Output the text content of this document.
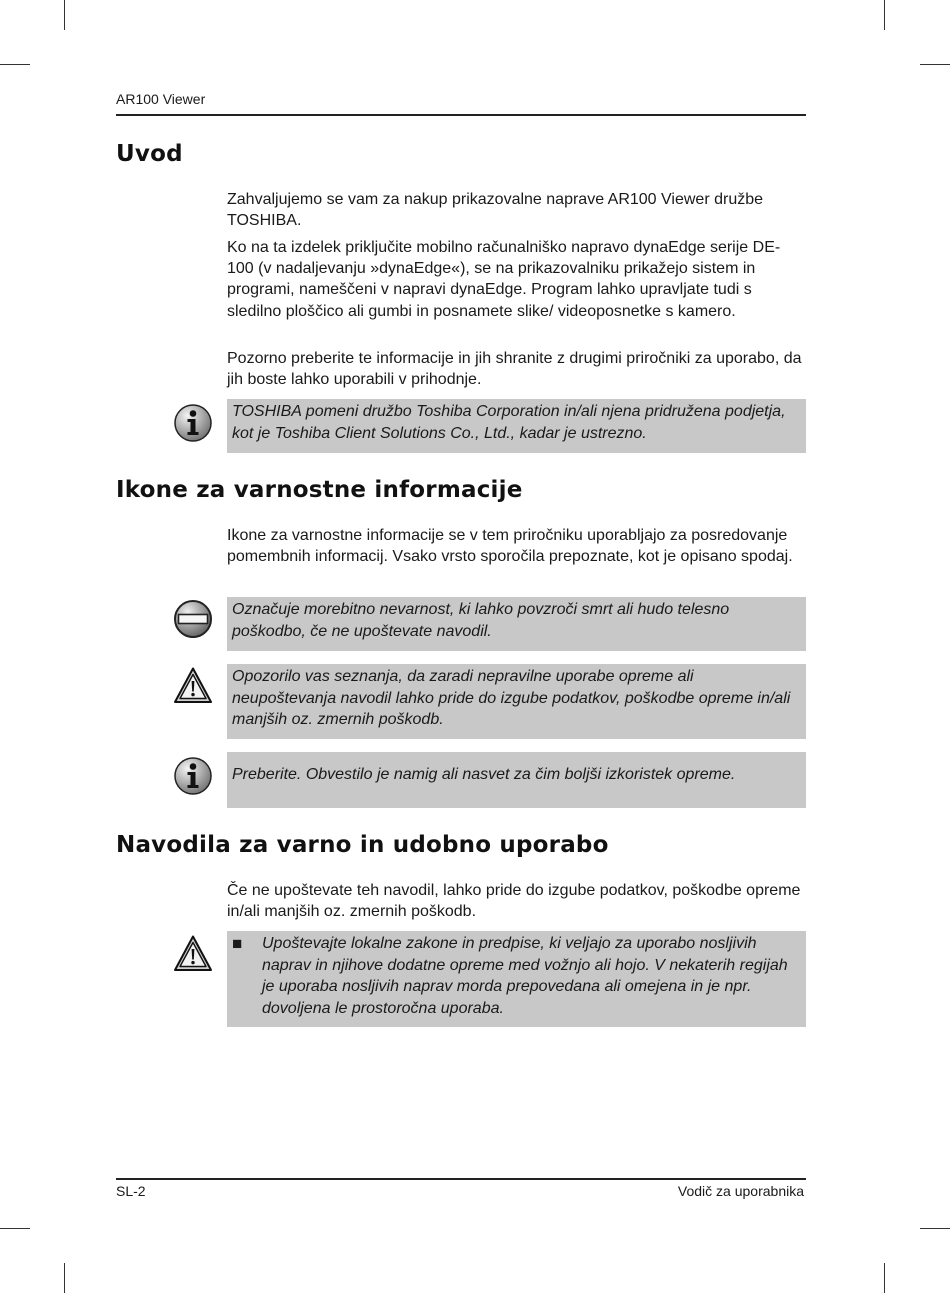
AR100 Viewer
Uvod

Zahvaljujemo se vam za nakup prikazovalne naprave AR100 Viewer družbe TOSHIBA.

Ko na ta izdelek priključite mobilno računalniško napravo dynaEdge serije DE-100 (v nadaljevanju »dynaEdge«), se na prikazovalniku prikažejo sistem in programi, nameščeni v napravi dynaEdge. Program lahko upravljate tudi s sledilno ploščico ali gumbi in posnamete slike/ videoposnetke s kamero.

Pozorno preberite te informacije in jih shranite z drugimi priročniki za uporabo, da jih boste lahko uporabili v prihodnje.

TOSHIBA pomeni družbo Toshiba Corporation in/ali njena pridružena podjetja, kot je Toshiba Client Solutions Co., Ltd., kadar je ustrezno.

Ikone za varnostne informacije

Ikone za varnostne informacije se v tem priročniku uporabljajo za posredovanje pomembnih informacij. Vsako vrsto sporočila prepoznate, kot je opisano spodaj.

Označuje morebitno nevarnost, ki lahko povzroči smrt ali hudo telesno poškodbo, če ne upoštevate navodil.

Opozorilo vas seznanja, da zaradi nepravilne uporabe opreme ali neupoštevanja navodil lahko pride do izgube podatkov, poškodbe opreme in/ali manjših oz. zmernih poškodb.

Preberite. Obvestilo je namig ali nasvet za čim boljši izkoristek opreme.

Navodila za varno in udobno uporabo

Če ne upoštevate teh navodil, lahko pride do izgube podatkov, poškodbe opreme in/ali manjših oz. zmernih poškodb.

■	Upoštevajte lokalne zakone in predpise, ki veljajo za uporabo nosljivih naprav in njihove dodatne opreme med vožnjo ali hojo. V nekaterih regijah je uporaba nosljivih naprav morda prepovedana ali omejena in je npr. dovoljena le prostoročna uporaba.

SL-2	Vodič za uporabnika
